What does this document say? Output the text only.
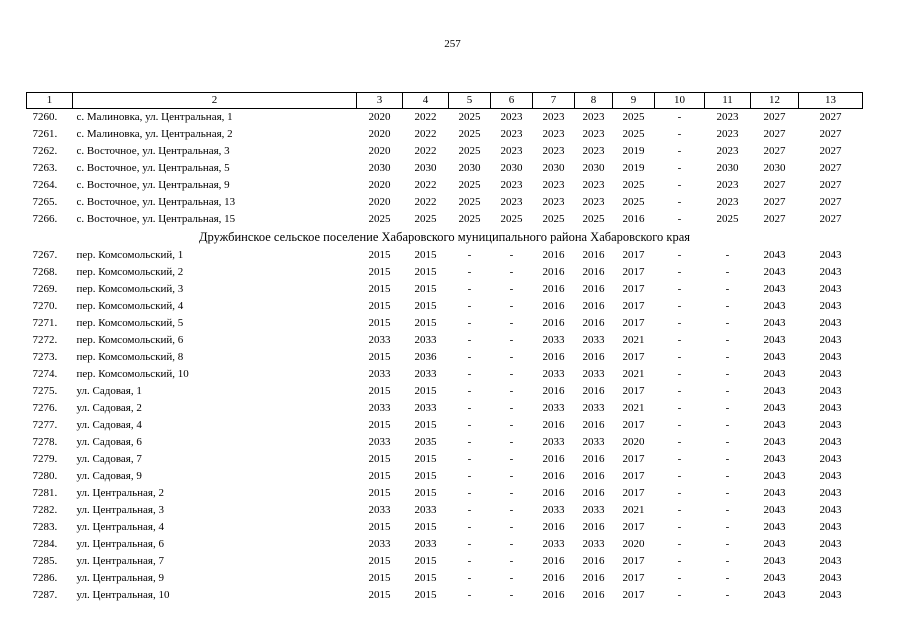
257
1	2	3	4	5	6	7	8	9	10	11	12	13
7260.	с. Малиновка, ул. Центральная, 1	2020	2022	2025	2023	2023	2023	2025	-	2023	2027	2027
7261.	с. Малиновка, ул. Центральная, 2	2020	2022	2025	2023	2023	2023	2025	-	2023	2027	2027
7262.	с. Восточное, ул. Центральная, 3	2020	2022	2025	2023	2023	2023	2019	-	2023	2027	2027
7263.	с. Восточное, ул. Центральная, 5	2030	2030	2030	2030	2030	2030	2019	-	2030	2030	2027
7264.	с. Восточное, ул. Центральная, 9	2020	2022	2025	2023	2023	2023	2025	-	2023	2027	2027
7265.	с. Восточное, ул. Центральная, 13	2020	2022	2025	2023	2023	2023	2025	-	2023	2027	2027
7266.	с. Восточное, ул. Центральная, 15	2025	2025	2025	2025	2025	2025	2016	-	2025	2027	2027
Дружбинское сельское поселение Хабаровского муниципального района Хабаровского края												
7267.	пер. Комсомольский, 1	2015	2015	-	-	2016	2016	2017	-	-	2043	2043
7268.	пер. Комсомольский, 2	2015	2015	-	-	2016	2016	2017	-	-	2043	2043
7269.	пер. Комсомольский, 3	2015	2015	-	-	2016	2016	2017	-	-	2043	2043
7270.	пер. Комсомольский, 4	2015	2015	-	-	2016	2016	2017	-	-	2043	2043
7271.	пер. Комсомольский, 5	2015	2015	-	-	2016	2016	2017	-	-	2043	2043
7272.	пер. Комсомольский, 6	2033	2033	-	-	2033	2033	2021	-	-	2043	2043
7273.	пер. Комсомольский, 8	2015	2036	-	-	2016	2016	2017	-	-	2043	2043
7274.	пер. Комсомольский, 10	2033	2033	-	-	2033	2033	2021	-	-	2043	2043
7275.	ул. Садовая, 1	2015	2015	-	-	2016	2016	2017	-	-	2043	2043
7276.	ул. Садовая, 2	2033	2033	-	-	2033	2033	2021	-	-	2043	2043
7277.	ул. Садовая, 4	2015	2015	-	-	2016	2016	2017	-	-	2043	2043
7278.	ул. Садовая, 6	2033	2035	-	-	2033	2033	2020	-	-	2043	2043
7279.	ул. Садовая, 7	2015	2015	-	-	2016	2016	2017	-	-	2043	2043
7280.	ул. Садовая, 9	2015	2015	-	-	2016	2016	2017	-	-	2043	2043
7281.	ул. Центральная, 2	2015	2015	-	-	2016	2016	2017	-	-	2043	2043
7282.	ул. Центральная, 3	2033	2033	-	-	2033	2033	2021	-	-	2043	2043
7283.	ул. Центральная, 4	2015	2015	-	-	2016	2016	2017	-	-	2043	2043
7284.	ул. Центральная, 6	2033	2033	-	-	2033	2033	2020	-	-	2043	2043
7285.	ул. Центральная, 7	2015	2015	-	-	2016	2016	2017	-	-	2043	2043
7286.	ул. Центральная, 9	2015	2015	-	-	2016	2016	2017	-	-	2043	2043
7287.	ул. Центральная, 10	2015	2015	-	-	2016	2016	2017	-	-	2043	2043
